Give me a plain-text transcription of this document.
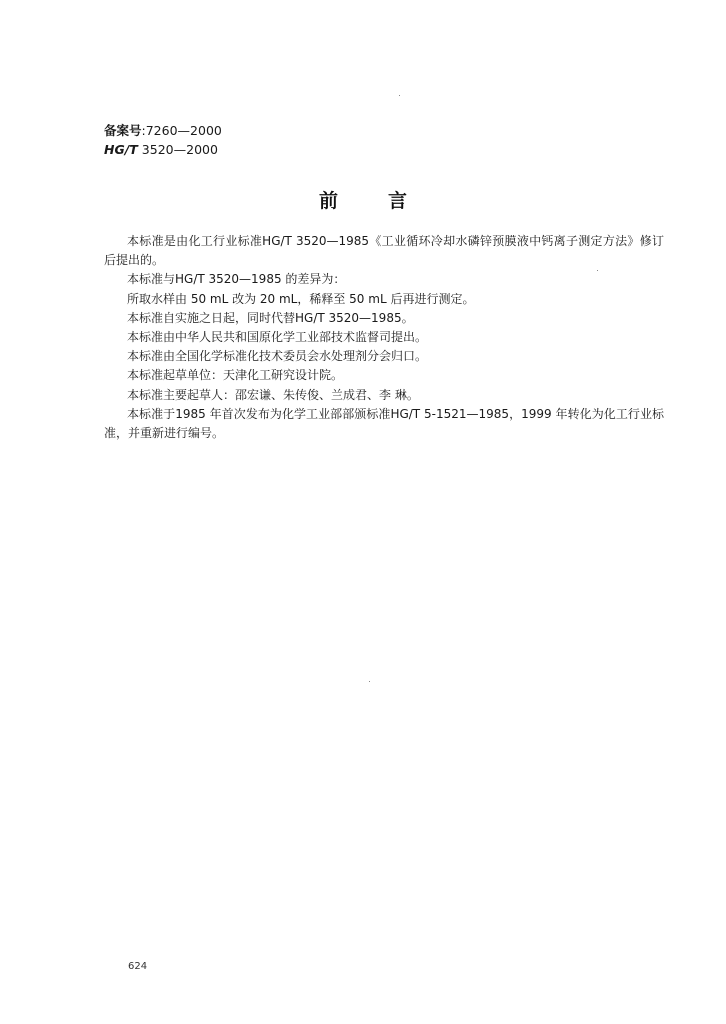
备案号:7260—2000
HG/T 3520—2000
前言

本标准是由化工行业标准HG/T 3520—1985《工业循环冷却水磷锌预膜液中钙离子测定方法》修订后提出的。

本标准与HG/T 3520—1985 的差异为：

所取水样由 50 mL 改为 20 mL，稀释至 50 mL 后再进行测定。

本标准自实施之日起，同时代替HG/T 3520—1985。

本标准由中华人民共和国原化学工业部技术监督司提出。

本标准由全国化学标准化技术委员会水处理剂分会归口。

本标准起草单位：天津化工研究设计院。

本标准主要起草人：邵宏谦、朱传俊、兰成君、李 琳。

本标准于1985 年首次发布为化学工业部部颁标准HG/T 5-1521—1985，1999 年转化为化工行业标准，并重新进行编号。

624
